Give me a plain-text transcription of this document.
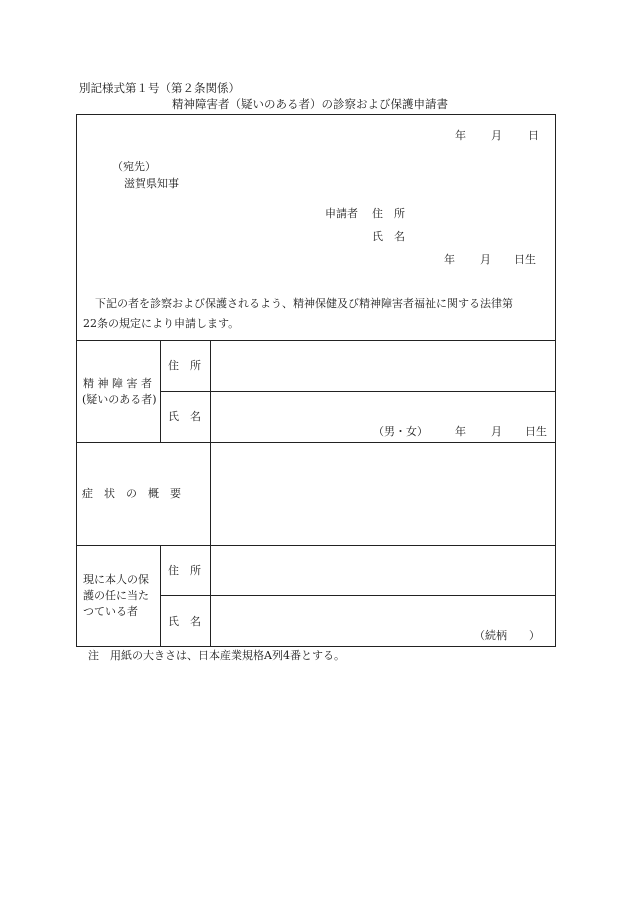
別記様式第１号（第２条関係）
精神障害者（疑いのある者）の診察および保護申請書
年 月 日
（宛先）
滋賀県知事
申請者 住　所
氏　名
年 月 日生
下記の者を診察および保護されるよう、精神保健及び精神障害者福祉に関する法律第
22条の規定により申請します。
精 神 障 害 者
(疑いのある者)
住　所
氏　名
（男・女） 年 月 日生
症　状　の　概　要
現に本人の保
護の任に当た
つている者
住　所
氏　名
（続柄　　）
注　用紙の大きさは、日本産業規格A列4番とする。
